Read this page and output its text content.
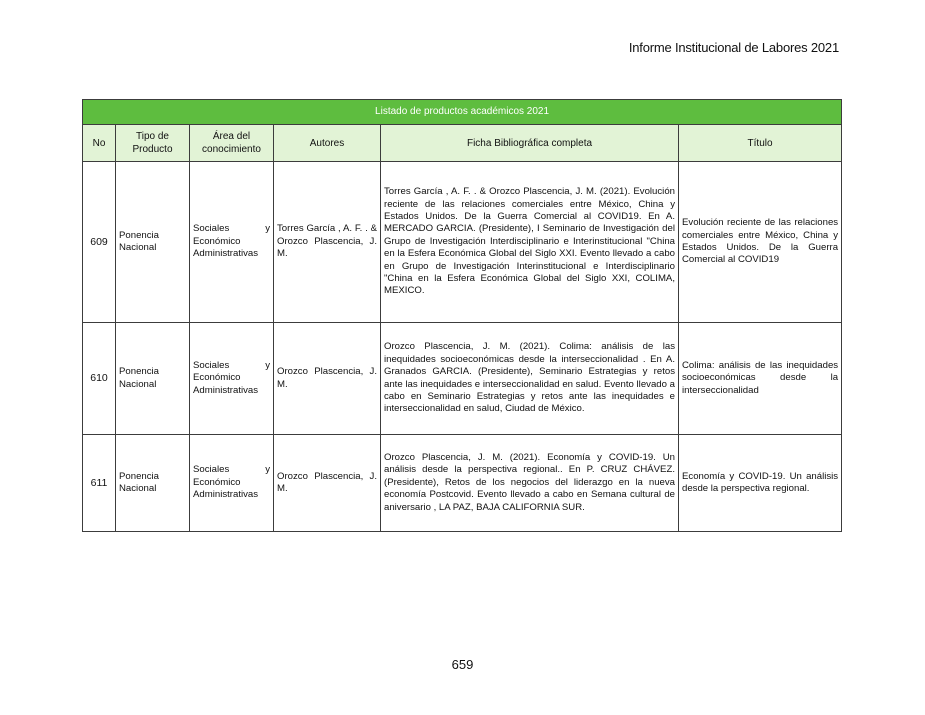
Informe Institucional de Labores 2021
Listado de productos académicos 2021					
No	Tipo de Producto	Área del conocimiento	Autores	Ficha Bibliográfica completa	Título
609	Ponencia Nacional	Sociales y Económico Administrativas	Torres García , A. F. . & Orozco Plascencia, J. M.	Torres García , A. F. . & Orozco Plascencia, J. M. (2021). Evolución reciente de las relaciones comerciales entre México, China y Estados Unidos. De la Guerra Comercial al COVID19. En A. MERCADO GARCIA. (Presidente), I Seminario de Investigación del Grupo de Investigación Interdisciplinario e Interinstitucional "China en la Esfera Económica Global del Siglo XXI. Evento llevado a cabo en Grupo de Investigación Interinstitucional e Interdisciplinario "China en la Esfera Económica Global del Siglo XXI, COLIMA, MEXICO.	Evolución reciente de las relaciones comerciales entre México, China y Estados Unidos. De la Guerra Comercial al COVID19
610	Ponencia Nacional	Sociales y Económico Administrativas	Orozco Plascencia, J. M.	Orozco Plascencia, J. M. (2021). Colima: análisis de las inequidades socioeconómicas desde la interseccionalidad . En A. Granados GARCIA. (Presidente), Seminario Estrategias y retos ante las inequidades e interseccionalidad en salud. Evento llevado a cabo en Seminario Estrategias y retos ante las inequidades e interseccionalidad en salud, Ciudad de México.	Colima: análisis de las inequidades socioeconómicas desde la interseccionalidad
611	Ponencia Nacional	Sociales y Económico Administrativas	Orozco Plascencia, J. M.	Orozco Plascencia, J. M. (2021). Economía y COVID-19. Un análisis desde la perspectiva regional.. En P. CRUZ CHÁVEZ. (Presidente), Retos de los negocios del liderazgo en la nueva economía Postcovid. Evento llevado a cabo en Semana cultural de aniversario , LA PAZ, BAJA CALIFORNIA SUR.	Economía y COVID-19. Un análisis desde la perspectiva regional.
659
